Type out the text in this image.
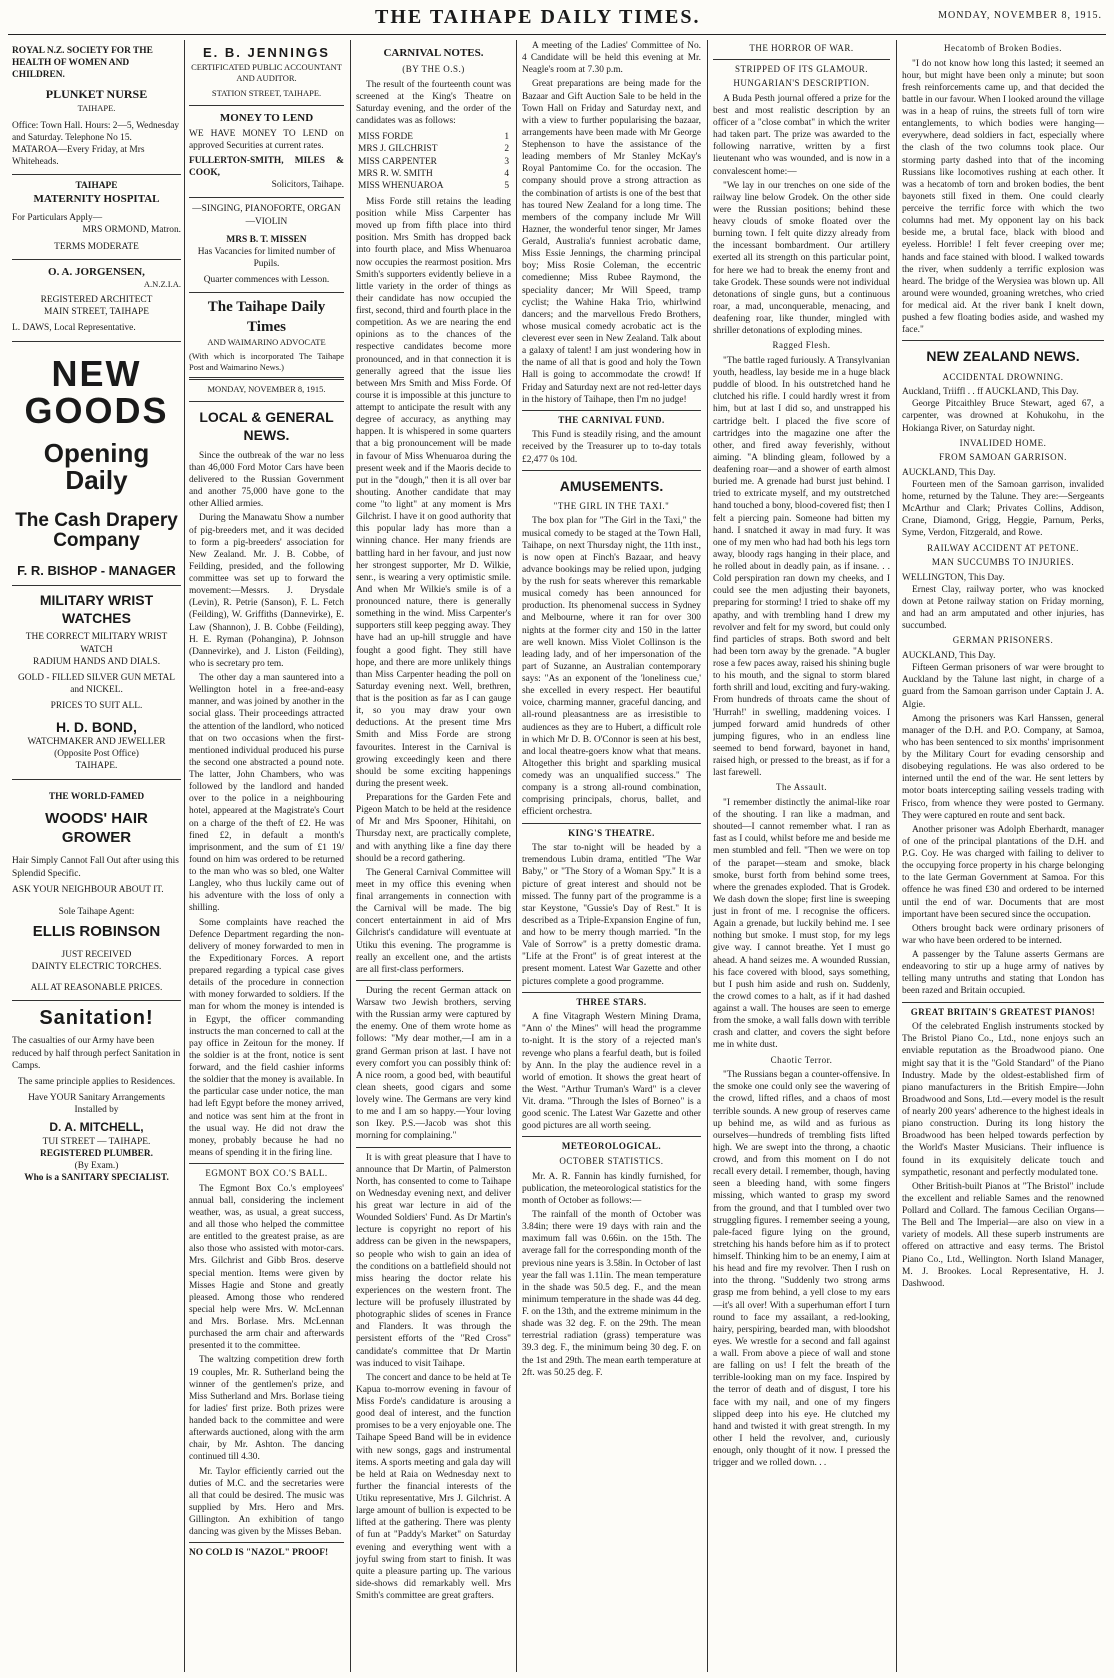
THE TAIHAPE DAILY TIMES.	MONDAY, NOVEMBER 8, 1915.
ROYAL N.Z. SOCIETY FOR THE HEALTH OF WOMEN AND CHILDREN.
PLUNKET NURSE
TAIHAPE.
Office: Town Hall. Hours: 2—5, Wednesday and Saturday. Telephone No 15.
MATAROA—Every Friday, at Mrs Whiteheads.
TAIHAPE
MATERNITY HOSPITAL
For Particulars Apply—
MRS ORMOND, Matron.
TERMS MODERATE
O. A. JORGENSEN,
A.N.Z.I.A.
REGISTERED ARCHITECT
MAIN STREET, TAIHAPE
L. DAWS, Local Representative.
NEW
GOODS
Opening Daily
The Cash Drapery
Company
F. R. BISHOP - MANAGER
MILITARY WRIST WATCHES
THE CORRECT MILITARY WRIST WATCH
RADIUM HANDS AND DIALS.
GOLD - FILLED SILVER GUN METAL and NICKEL.
PRICES TO SUIT ALL.
H. D. BOND,
WATCHMAKER AND JEWELLER
(Opposite Post Office)
TAIHAPE.
THE WORLD-FAMED
WOODS' HAIR GROWER
Hair Simply Cannot Fall Out after using this Splendid Specific.
ASK YOUR NEIGHBOUR ABOUT IT.
Sole Taihape Agent:
ELLIS ROBINSON
JUST RECEIVED
DAINTY ELECTRIC TORCHES.
ALL AT REASONABLE PRICES.
Sanitation!
The casualties of our Army have been reduced by half through perfect Sanitation in Camps.
The same principle applies to Residences.
Have YOUR Sanitary Arrangements Installed by
D. A. MITCHELL,
TUI STREET — TAIHAPE.
REGISTERED PLUMBER.
(By Exam.)
Who is a SANITARY SPECIALIST.
E. B. JENNINGS
CERTIFICATED PUBLIC ACCOUNTANT AND AUDITOR.
STATION STREET, TAIHAPE.
MONEY TO LEND
WE HAVE MONEY TO LEND on approved Securities at current rates.
FULLERTON-SMITH, MILES & COOK,
Solicitors, Taihape.
—SINGING, PIANOFORTE, ORGAN—VIOLIN
MRS B. T. MISSEN
Has Vacancies for limited number of Pupils.
Quarter commences with Lesson.
The Taihape Daily Times
AND WAIMARINO ADVOCATE
(With which is incorporated The Taihape Post and Waimarino News.)
MONDAY, NOVEMBER 8, 1915.
LOCAL & GENERAL NEWS.

Since the outbreak of the war no less than 46,000 Ford Motor Cars have been delivered to the Russian Government and another 75,000 have gone to the other Allied armies.

During the Manawatu Show a number of pig-breeders met, and it was decided to form a pig-breeders' association for New Zealand. Mr. J. B. Cobbe, of Feilding, presided, and the following committee was set up to forward the movement:—Messrs. J. Drysdale (Levin), R. Petrie (Sanson), F. L. Fetch (Feilding), W. Griffiths (Dannevirke), E. Law (Shannon), J. B. Cobbe (Feilding), H. E. Ryman (Pohangina), P. Johnson (Dannevirke), and J. Liston (Feilding), who is secretary pro tem.

The other day a man sauntered into a Wellington hotel in a free-and-easy manner, and was joined by another in the social glass. Their proceedings attracted the attention of the landlord, who noticed that on two occasions when the first-mentioned individual produced his purse the second one abstracted a pound note. The latter, John Chambers, who was followed by the landlord and handed over to the police in a neighbouring hotel, appeared at the Magistrate's Court on a charge of the theft of £2. He was fined £2, in default a month's imprisonment, and the sum of £1 19/ found on him was ordered to be returned to the man who was so bled, one Walter Langley, who thus luckily came out of his adventure with the loss of only a shilling.

Some complaints have reached the Defence Department regarding the non-delivery of money forwarded to men in the Expeditionary Forces. A report prepared regarding a typical case gives details of the procedure in connection with money forwarded to soldiers. If the man for whom the money is intended is in Egypt, the officer commanding instructs the man concerned to call at the pay office in Zeitoun for the money. If the soldier is at the front, notice is sent forward, and the field cashier informs the soldier that the money is available. In the particular case under notice, the man had left Egypt before the money arrived, and notice was sent him at the front in the usual way. He did not draw the money, probably because he had no means of spending it in the firing line.

EGMONT BOX CO.'S BALL.

The Egmont Box Co.'s employees' annual ball, considering the inclement weather, was, as usual, a great success, and all those who helped the committee are entitled to the greatest praise, as are also those who assisted with motor-cars. Mrs. Gilchrist and Gibb Bros. deserve special mention. Items were given by Misses Hagie and Stone and greatly pleased. Among those who rendered special help were Mrs. W. McLennan and Mrs. Borlase. Mrs. McLennan purchased the arm chair and afterwards presented it to the committee.

The waltzing competition drew forth 19 couples, Mr. R. Sutherland being the winner of the gentlemen's prize, and Miss Sutherland and Mrs. Borlase tieing for ladies' first prize. Both prizes were handed back to the committee and were afterwards auctioned, along with the arm chair, by Mr. Ashton. The dancing continued till 4.30.

Mr. Taylor efficiently carried out the duties of M.C. and the secretaries were all that could be desired. The music was supplied by Mrs. Hero and Mrs. Gillington. An exhibition of tango dancing was given by the Misses Beban.

NO COLD IS "NAZOL" PROOF!
CARNIVAL NOTES.
(BY THE O.S.)

The result of the fourteenth count was screened at the King's Theatre on Saturday evening, and the order of the candidates was as follows:

MISS FORDE	1
MRS J. GILCHRIST	2
MISS CARPENTER	3
MRS R. W. SMITH	4
MISS WHENUAROA	5

Miss Forde still retains the leading position while Miss Carpenter has moved up from fifth place into third position. Mrs Smith has dropped back into fourth place, and Miss Whenuaroa now occupies the rearmost position. Mrs Smith's supporters evidently believe in a little variety in the order of things as their candidate has now occupied the first, second, third and fourth place in the competition. As we are nearing the end opinions as to the chances of the respective candidates become more pronounced, and in that connection it is generally agreed that the issue lies between Mrs Smith and Miss Forde. Of course it is impossible at this juncture to attempt to anticipate the result with any degree of accuracy, as anything may happen. It is whispered in some quarters that a big pronouncement will be made in favour of Miss Whenuaroa during the present week and if the Maoris decide to put in the "dough," then it is all over bar shouting. Another candidate that may come "to light" at any moment is Mrs Gilchrist. I have it on good authority that this popular lady has more than a winning chance. Her many friends are battling hard in her favour, and just now her strongest supporter, Mr D. Wilkie, senr., is wearing a very optimistic smile. And when Mr Wilkie's smile is of a pronounced nature, there is generally something in the wind. Miss Carpenter's supporters still keep pegging away. They have had an up-hill struggle and have fought a good fight. They still have hope, and there are more unlikely things than Miss Carpenter heading the poll on Saturday evening next. Well, brethren, that is the position as far as I can gauge it, so you may draw your own deductions. At the present time Mrs Smith and Miss Forde are strong favourites. Interest in the Carnival is growing exceedingly keen and there should be some exciting happenings during the present week.

Preparations for the Garden Fete and Pigeon Match to be held at the residence of Mr and Mrs Spooner, Hihitahi, on Thursday next, are practically complete, and with anything like a fine day there should be a record gathering.

The General Carnival Committee will meet in my office this evening when final arrangements in connection with the Carnival will be made. The big concert entertainment in aid of Mrs Gilchrist's candidature will eventuate at Utiku this evening. The programme is really an excellent one, and the artists are all first-class performers.

During the recent German attack on Warsaw two Jewish brothers, serving with the Russian army were captured by the enemy. One of them wrote home as follows: "My dear mother,—I am in a grand German prison at last. I have not every comfort you can possibly think of: A nice room, a good bed, with beautiful clean sheets, good cigars and some lovely wine. The Germans are very kind to me and I am so happy.—Your loving son Ikey. P.S.—Jacob was shot this morning for complaining."

It is with great pleasure that I have to announce that Dr Martin, of Palmerston North, has consented to come to Taihape on Wednesday evening next, and deliver his great war lecture in aid of the Wounded Soldiers' Fund. As Dr Martin's lecture is copyright no report of his address can be given in the newspapers, so people who wish to gain an idea of the conditions on a battlefield should not miss hearing the doctor relate his experiences on the western front. The lecture will be profusely illustrated by photographic slides of scenes in France and Flanders. It was through the persistent efforts of the "Red Cross" candidate's committee that Dr Martin was induced to visit Taihape.

The concert and dance to be held at Te Kapua to-morrow evening in favour of Miss Forde's candidature is arousing a good deal of interest, and the function promises to be a very enjoyable one. The Taihape Speed Band will be in evidence with new songs, gags and instrumental items. A sports meeting and gala day will be held at Raia on Wednesday next to further the financial interests of the Utiku representative, Mrs J. Gilchrist. A large amount of bullion is expected to be lifted at the gathering. There was plenty of fun at "Paddy's Market" on Saturday evening and everything went with a joyful swing from start to finish. It was quite a pleasure parting up. The various side-shows did remarkably well. Mrs Smith's committee are great grafters.

A meeting of the Ladies' Committee of No. 4 Candidate will be held this evening at Mr. Neagle's room at 7.30 p.m.

Great preparations are being made for the Bazaar and Gift Auction Sale to be held in the Town Hall on Friday and Saturday next, and with a view to further popularising the bazaar, arrangements have been made with Mr George Stephenson to have the assistance of the leading members of Mr Stanley McKay's Royal Pantomime Co. for the occasion. The company should prove a strong attraction as the combination of artists is one of the best that has toured New Zealand for a long time. The members of the company include Mr Will Hazner, the wonderful tenor singer, Mr James Gerald, Australia's funniest acrobatic dame, Miss Essie Jennings, the charming principal boy; Miss Rosie Coleman, the eccentric comedienne; Miss Rubee Raymond, the speciality dancer; Mr Will Speed, tramp cyclist; the Wahine Haka Trio, whirlwind dancers; and the marvellous Fredo Brothers, whose musical comedy acrobatic act is the cleverest ever seen in New Zealand. Talk about a galaxy of talent! I am just wondering how in the name of all that is good and holy the Town Hall is going to accommodate the crowd! If Friday and Saturday next are not red-letter days in the history of Taihape, then I'm no judge!

THE CARNIVAL FUND.

This Fund is steadily rising, and the amount received by the Treasurer up to to-day totals £2,477 0s 10d.

AMUSEMENTS.
"THE GIRL IN THE TAXI."

The box plan for "The Girl in the Taxi," the musical comedy to be staged at the Town Hall, Taihape, on next Thursday night, the 11th inst., is now open at Finch's Bazaar, and heavy advance bookings may be relied upon, judging by the rush for seats wherever this remarkable musical comedy has been announced for production. Its phenomenal success in Sydney and Melbourne, where it ran for over 300 nights at the former city and 150 in the latter are well known. Miss Violet Collinson is the leading lady, and of her impersonation of the part of Suzanne, an Australian contemporary says: "As an exponent of the 'loneliness cue,' she excelled in every respect. Her beautiful voice, charming manner, graceful dancing, and all-round pleasantness are as irresistible to audiences as they are to Hubert, a difficult role in which Mr D. B. O'Connor is seen at his best, and local theatre-goers know what that means. Altogether this bright and sparkling musical comedy was an unqualified success." The company is a strong all-round combination, comprising principals, chorus, ballet, and efficient orchestra.

KING'S THEATRE.

The star to-night will be headed by a tremendous Lubin drama, entitled "The War Baby," or "The Story of a Woman Spy." It is a picture of great interest and should not be missed. The funny part of the programme is a star Keystone, "Gussie's Day of Rest." It is described as a Triple-Expansion Engine of fun, and how to be merry though married. "In the Vale of Sorrow" is a pretty domestic drama. "Life at the Front" is of great interest at the present moment. Latest War Gazette and other pictures complete a good programme.

THREE STARS.

A fine Vitagraph Western Mining Drama, "Ann o' the Mines" will head the programme to-night. It is the story of a rejected man's revenge who plans a fearful death, but is foiled by Ann. In the play the audience revel in a world of emotion. It shows the great heart of the West. "Arthur Truman's Ward" is a clever Vit. drama. "Through the Isles of Borneo" is a good scenic. The Latest War Gazette and other good pictures are all worth seeing.

METEOROLOGICAL.
OCTOBER STATISTICS.

Mr. A. R. Fannin has kindly furnished, for publication, the meteorological statistics for the month of October as follows:—

The rainfall of the month of October was 3.84in; there were 19 days with rain and the maximum fall was 0.66in. on the 15th. The average fall for the corresponding month of the previous nine years is 3.58in. In October of last year the fall was 1.11in. The mean temperature in the shade was 50.5 deg. F., and the mean minimum temperature in the shade was 44 deg. F. on the 13th, and the extreme minimum in the shade was 32 deg. F. on the 29th. The mean terrestrial radiation (grass) temperature was 39.3 deg. F., the minimum being 30 deg. F. on the 1st and 29th. The mean earth temperature at 2ft. was 50.25 deg. F.

THE HORROR OF WAR.
STRIPPED OF ITS GLAMOUR.
HUNGARIAN'S DESCRIPTION.

A Buda Pesth journal offered a prize for the best and most realistic description by an officer of a "close combat" in which the writer had taken part. The prize was awarded to the following narrative, written by a first lieutenant who was wounded, and is now in a convalescent home:—

"We lay in our trenches on one side of the railway line below Grodek. On the other side were the Russian positions; behind these heavy clouds of smoke floated over the burning town. I felt quite dizzy already from the incessant bombardment. Our artillery exerted all its strength on this particular point, for here we had to break the enemy front and take Grodek. These sounds were not individual detonations of single guns, but a continuous roar, a mad, unconquerable, menacing, and deafening roar, like thunder, mingled with shriller detonations of exploding mines.

Ragged Flesh.

"The battle raged furiously. A Transylvanian youth, headless, lay beside me in a huge black puddle of blood. In his outstretched hand he clutched his rifle. I could hardly wrest it from him, but at last I did so, and unstrapped his cartridge belt. I placed the five score of cartridges into the magazine one after the other, and fired away feverishly, without aiming. "A blinding gleam, followed by a deafening roar—and a shower of earth almost buried me. A grenade had burst just behind. I tried to extricate myself, and my outstretched hand touched a bony, blood-covered fist; then I felt a piercing pain. Someone had bitten my hand. I snatched it away in mad fury. It was one of my men who had had both his legs torn away, bloody rags hanging in their place, and he rolled about in deadly pain, as if insane. . . Cold perspiration ran down my cheeks, and I could see the men adjusting their bayonets, preparing for storming! I tried to shake off my apathy, and with trembling hand I drew my revolver and felt for my sword, but could only find particles of straps. Both sword and belt had been torn away by the grenade. "A bugler rose a few paces away, raised his shining bugle to his mouth, and the signal to storm blared forth shrill and loud, exciting and fury-waking. From hundreds of throats came the shout of 'Hurrah!' in swelling, maddening voices. I jumped forward amid hundreds of other jumping figures, who in an endless line seemed to bend forward, bayonet in hand, raised high, or pressed to the breast, as if for a last farewell.

The Assault.

"I remember distinctly the animal-like roar of the shouting. I ran like a madman, and shouted—I cannot remember what. I ran as fast as I could, whilst before me and beside me men stumbled and fell. "Then we were on top of the parapet—steam and smoke, black smoke, burst forth from behind some trees, where the grenades exploded. That is Grodek. We dash down the slope; first line is sweeping just in front of me. I recognise the officers. Again a grenade, but luckily behind me. I see nothing but smoke. I must stop, for my legs give way. I cannot breathe. Yet I must go ahead. A hand seizes me. A wounded Russian, his face covered with blood, says something, but I push him aside and rush on. Suddenly, the crowd comes to a halt, as if it had dashed against a wall. The houses are seen to emerge from the smoke, a wall falls down with terrible crash and clatter, and covers the sight before me in white dust.

Chaotic Terror.

"The Russians began a counter-offensive. In the smoke one could only see the wavering of the crowd, lifted rifles, and a chaos of most terrible sounds. A new group of reserves came up behind me, as wild and as furious as ourselves—hundreds of trembling fists lifted high. We are swept into the throng, a chaotic crowd, and from this moment on I do not recall every detail. I remember, though, having seen a bleeding hand, with some fingers missing, which wanted to grasp my sword from the ground, and that I tumbled over two struggling figures. I remember seeing a young, pale-faced figure lying on the ground, stretching his hands before him as if to protect himself. Thinking him to be an enemy, I aim at his head and fire my revolver. Then I rush on into the throng. "Suddenly two strong arms grasp me from behind, a yell close to my ears—it's all over! With a superhuman effort I turn round to face my assailant, a red-looking, hairy, perspiring, bearded man, with bloodshot eyes. We wrestle for a second and fall against a wall. From above a piece of wall and stone are falling on us! I felt the breath of the terrible-looking man on my face. Inspired by the terror of death and of disgust, I tore his face with my nail, and one of my fingers slipped deep into his eye. He clutched my hand and twisted it with great strength. In my other I held the revolver, and, curiously enough, only thought of it now. I pressed the trigger and we rolled down. . .

Hecatomb of Broken Bodies.

"I do not know how long this lasted; it seemed an hour, but might have been only a minute; but soon fresh reinforcements came up, and that decided the battle in our favour. When I looked around the village was in a heap of ruins, the streets full of torn wire entanglements, to which bodies were hanging—everywhere, dead soldiers in fact, especially where the clash of the two columns took place. Our storming party dashed into that of the incoming Russians like locomotives rushing at each other. It was a hecatomb of torn and broken bodies, the bent bayonets still fixed in them. One could clearly perceive the terrific force with which the two columns had met. My opponent lay on his back beside me, a brutal face, black with blood and eyeless. Horrible! I felt fever creeping over me; hands and face stained with blood. I walked towards the river, when suddenly a terrific explosion was heard. The bridge of the Werysiea was blown up. All around were wounded, groaning wretches, who cried for medical aid. At the river bank I knelt down, pushed a few floating bodies aside, and washed my face."

NEW ZEALAND NEWS.
ACCIDENTAL DROWNING.
Auckland, Triiffl . . ff AUCKLAND, This Day.

George Pitcaithley Bruce Stewart, aged 67, a carpenter, was drowned at Kohukohu, in the Hokianga River, on Saturday night.

INVALIDED HOME.
FROM SAMOAN GARRISON.
AUCKLAND, This Day.

Fourteen men of the Samoan garrison, invalided home, returned by the Talune. They are:—Sergeants McArthur and Clark; Privates Collins, Addison, Crane, Diamond, Grigg, Heggie, Parnum, Perks, Syme, Verdon, Fitzgerald, and Rowe.

RAILWAY ACCIDENT AT PETONE.
MAN SUCCUMBS TO INJURIES.
WELLINGTON, This Day.

Ernest Clay, railway porter, who was knocked down at Petone railway station on Friday morning, and had an arm amputated and other injuries, has succumbed.

GERMAN PRISONERS.
AUCKLAND, This Day.

Fifteen German prisoners of war were brought to Auckland by the Talune last night, in charge of a guard from the Samoan garrison under Captain J. A. Algie.

Among the prisoners was Karl Hanssen, general manager of the D.H. and P.O. Company, at Samoa, who has been sentenced to six months' imprisonment by the Military Court for evading censorship and disobeying regulations. He was also ordered to be interned until the end of the war. He sent letters by motor boats intercepting sailing vessels trading with Frisco, from whence they were posted to Germany. They were captured en route and sent back.

Another prisoner was Adolph Eberhardt, manager of one of the principal plantations of the D.H. and P.G. Coy. He was charged with failing to deliver to the occupying force property in his charge belonging to the late German Government at Samoa. For this offence he was fined £30 and ordered to be interned until the end of war. Documents that are most important have been secured since the occupation.

Others brought back were ordinary prisoners of war who have been ordered to be interned.

A passenger by the Talune asserts Germans are endeavoring to stir up a huge army of natives by telling many untruths and stating that London has been razed and Britain occupied.

GREAT BRITAIN'S GREATEST PIANOS!

Of the celebrated English instruments stocked by The Bristol Piano Co., Ltd., none enjoys such an enviable reputation as the Broadwood piano. One might say that it is the "Gold Standard" of the Piano Industry. Made by the oldest-established firm of piano manufacturers in the British Empire—John Broadwood and Sons, Ltd.—every model is the result of nearly 200 years' adherence to the highest ideals in piano construction. During its long history the Broadwood has been helped towards perfection by the World's Master Musicians. Their influence is found in its exquisitely delicate touch and sympathetic, resonant and perfectly modulated tone.

Other British-built Pianos at "The Bristol" include the excellent and reliable Sames and the renowned Pollard and Collard. The famous Cecilian Organs—The Bell and The Imperial—are also on view in a variety of models. All these superb instruments are offered on attractive and easy terms. The Bristol Piano Co., Ltd., Wellington. North Island Manager, M. J. Brookes. Local Representative, H. J. Dashwood.
